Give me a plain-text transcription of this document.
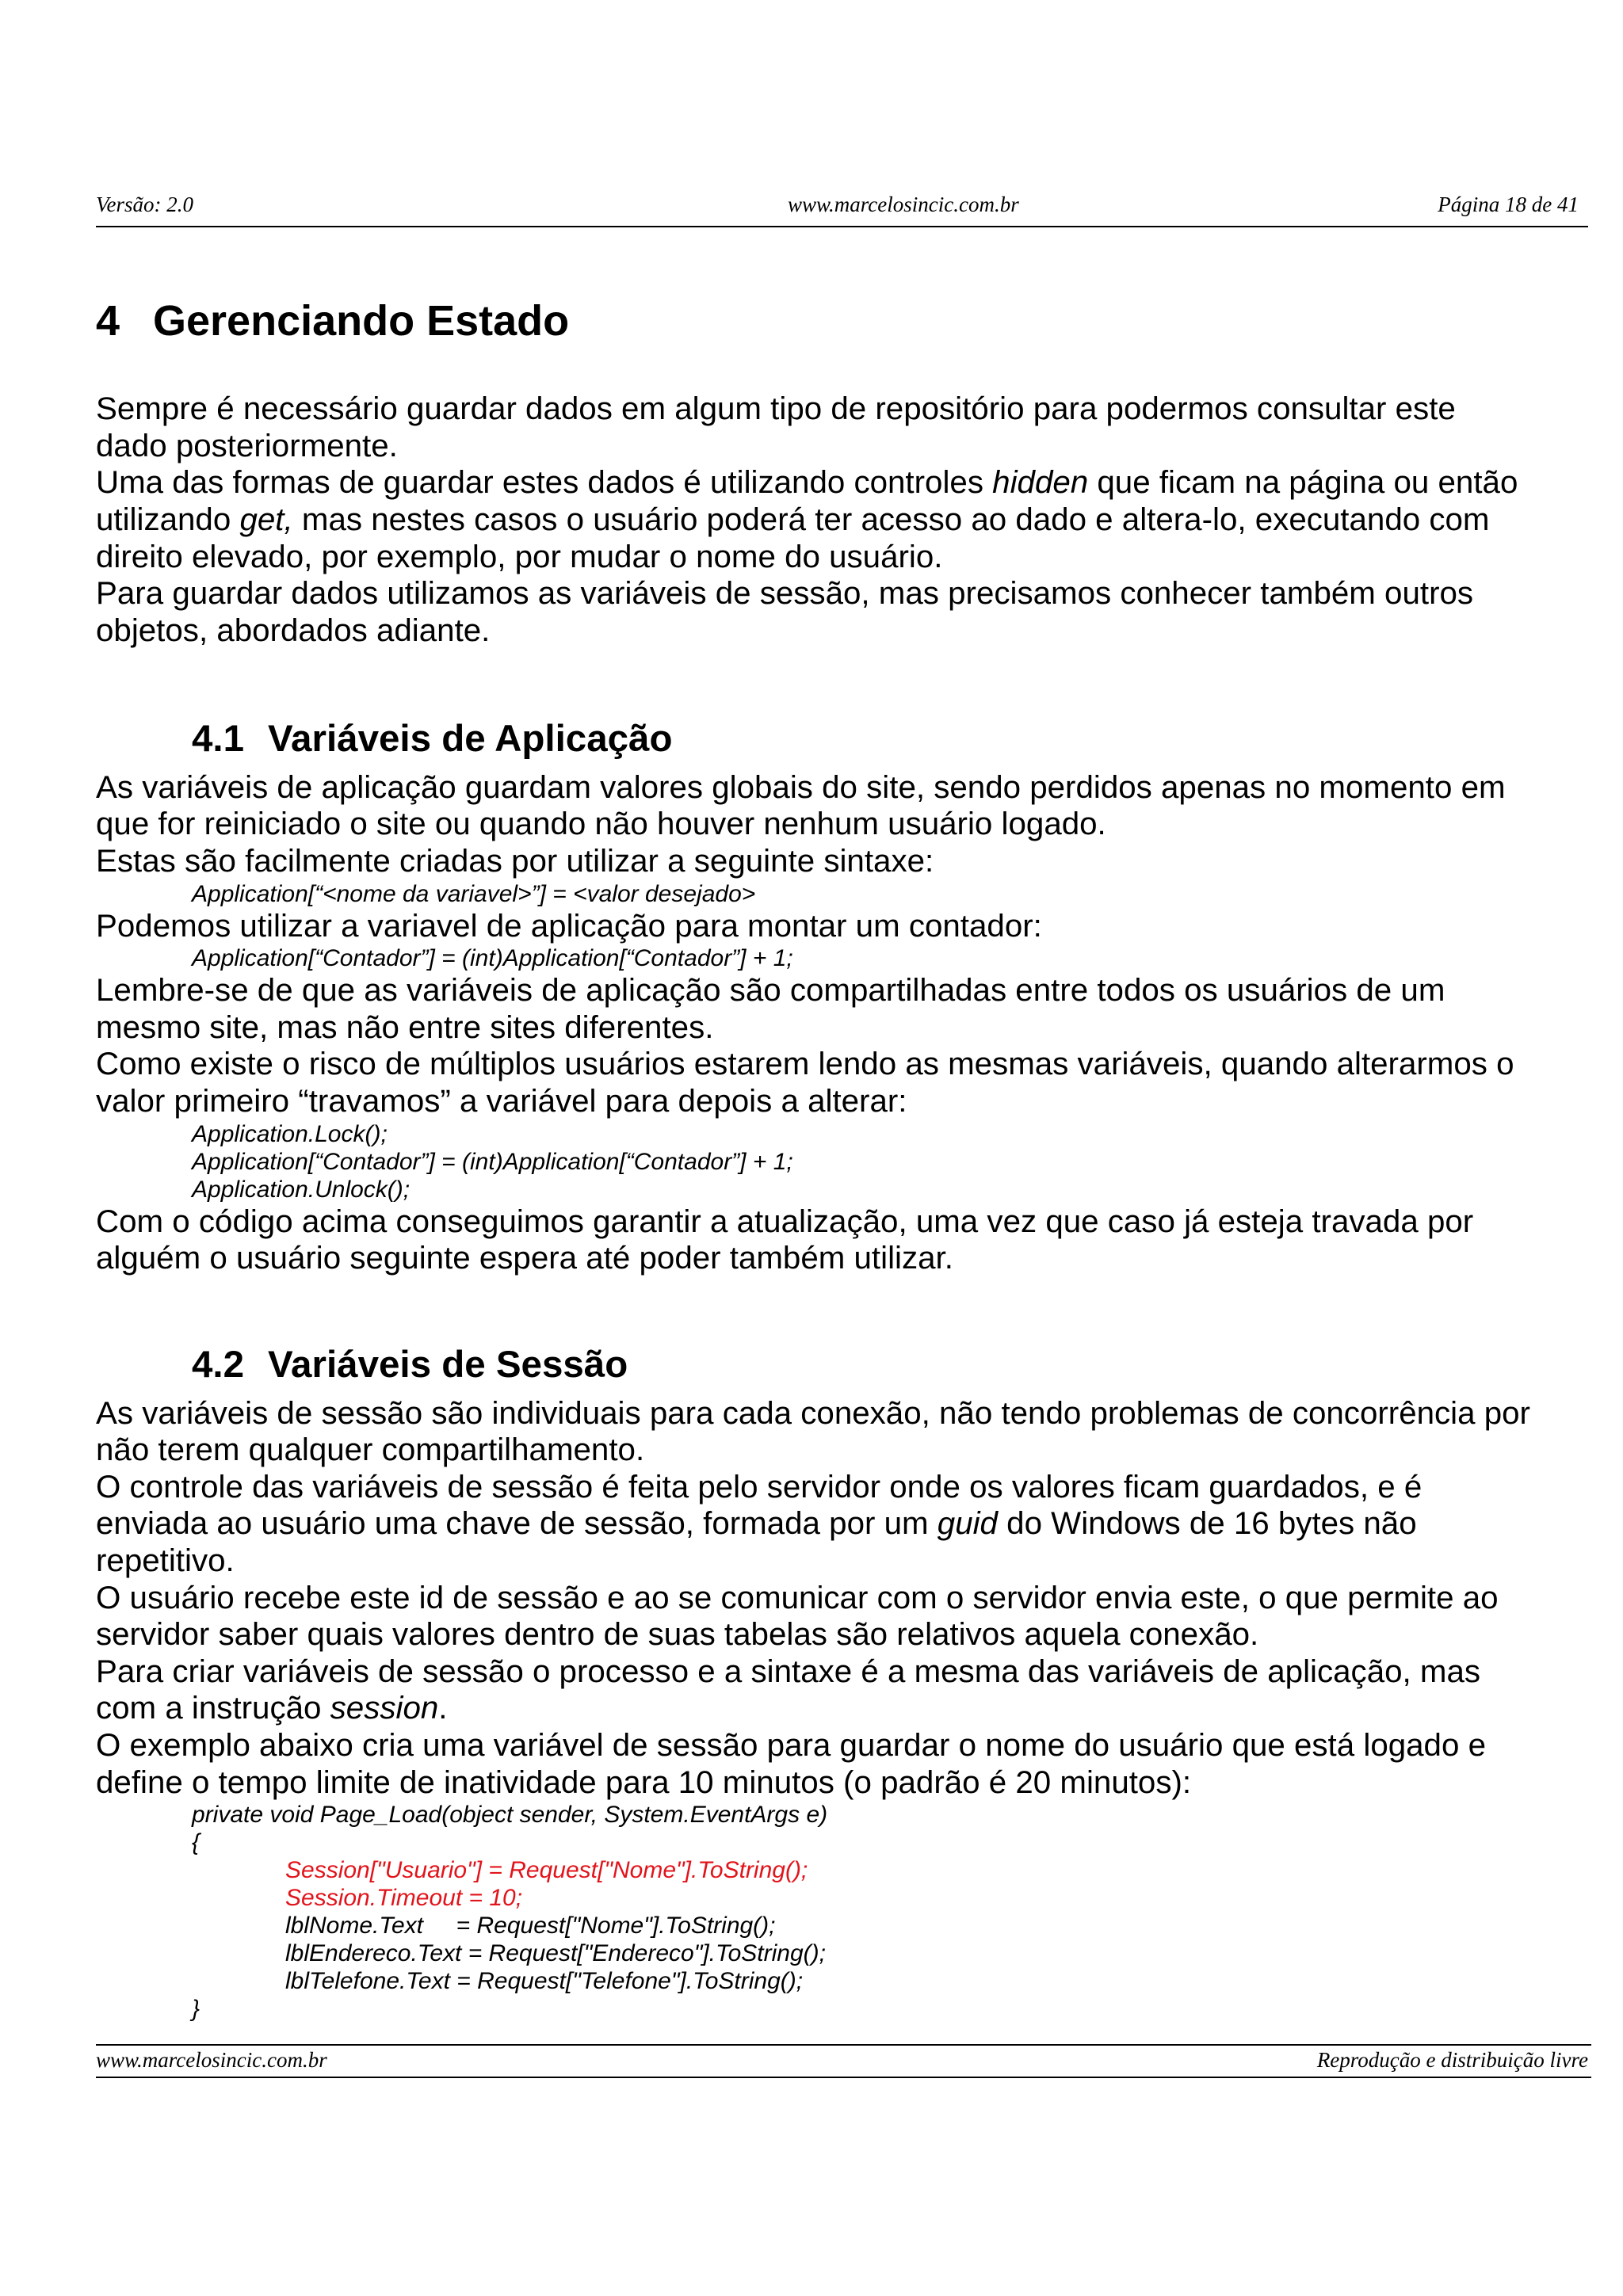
Versão: 2.0	www.marcelosincic.com.br	Página 18 de 41

4

Gerenciando Estado

Sempre é necessário guardar dados em algum tipo de repositório para podermos consultar este
dado posteriormente.
Uma das formas de guardar estes dados é utilizando controles hidden que ficam na página ou então
utilizando get, mas nestes casos o usuário poderá ter acesso ao dado e altera-lo, executando com
direito elevado, por exemplo, por mudar o nome do usuário.
Para guardar dados utilizamos as variáveis de sessão, mas precisamos conhecer também outros
objetos, abordados adiante.

4.1

Variáveis de Aplicação

As variáveis de aplicação guardam valores globais do site, sendo perdidos apenas no momento em
que for reiniciado o site ou quando não houver nenhum usuário logado.
Estas são facilmente criadas por utilizar a seguinte sintaxe:
Application[“<nome da variavel>”] = <valor desejado>
Podemos utilizar a variavel de aplicação para montar um contador:
Application[“Contador”] = (int)Application[“Contador”] + 1;
Lembre-se de que as variáveis de aplicação são compartilhadas entre todos os usuários de um
mesmo site, mas não entre sites diferentes.
Como existe o risco de múltiplos usuários estarem lendo as mesmas variáveis, quando alterarmos o
valor primeiro “travamos” a variável para depois a alterar:
Application.Lock();
Application[“Contador”] = (int)Application[“Contador”] + 1;
Application.Unlock();
Com o código acima conseguimos garantir a atualização, uma vez que caso já esteja travada por
alguém o usuário seguinte espera até poder também utilizar.

4.2

Variáveis de Sessão

As variáveis de sessão são individuais para cada conexão, não tendo problemas de concorrência por
não terem qualquer compartilhamento.
O controle das variáveis de sessão é feita pelo servidor onde os valores ficam guardados, e é
enviada ao usuário uma chave de sessão, formada por um guid do Windows de 16 bytes não
repetitivo.
O usuário recebe este id de sessão e ao se comunicar com o servidor envia este, o que permite ao
servidor saber quais valores dentro de suas tabelas são relativos aquela conexão.
Para criar variáveis de sessão o processo e a sintaxe é a mesma das variáveis de aplicação, mas
com a instrução session.
O exemplo abaixo cria uma variável de sessão para guardar o nome do usuário que está logado e
define o tempo limite de inatividade para 10 minutos (o padrão é 20 minutos):
private void Page_Load(object sender, System.EventArgs e)
{
Session["Usuario"] = Request["Nome"].ToString();
Session.Timeout = 10;
lblNome.Text     = Request["Nome"].ToString();
lblEndereco.Text = Request["Endereco"].ToString();
lblTelefone.Text = Request["Telefone"].ToString();
}
www.marcelosincic.com.br	Reprodução e distribuição livre
